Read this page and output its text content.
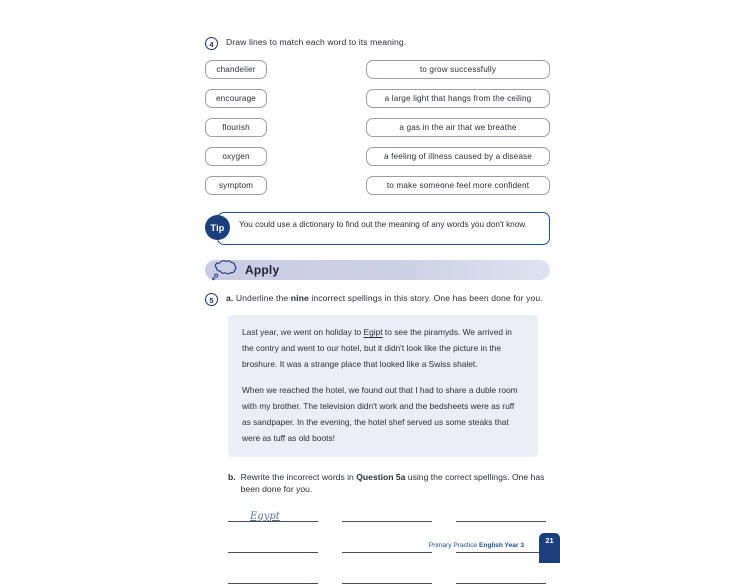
4	Draw lines to match each word to its meaning.
chandelier
encourage
flourish
oxygen
symptom
to grow successfully
a large light that hangs from the ceiling
a gas in the air that we breathe
a feeling of illness caused by a disease
to make someone feel more confident
Tip	You could use a dictionary to find out the meaning of any words you don't know.
Apply
5	a. Underline the nine incorrect spellings in this story. One has been done for you.

Last year, we went on holiday to Egipt to see the piramyds. We arrived in the contry and went to our hotel, but it didn't look like the picture in the broshure. It was a strange place that looked like a Swiss shalet.

When we reached the hotel, we found out that I had to share a duble room with my brother. The television didn't work and the bedsheets were as ruff as sandpaper. In the evening, the hotel shef served us some steaks that were as tuff as old boots!

b. Rewrite the incorrect words in Question 5a using the correct spellings. One has been done for you.
Egypt
Primary Practice English Year 3
21
